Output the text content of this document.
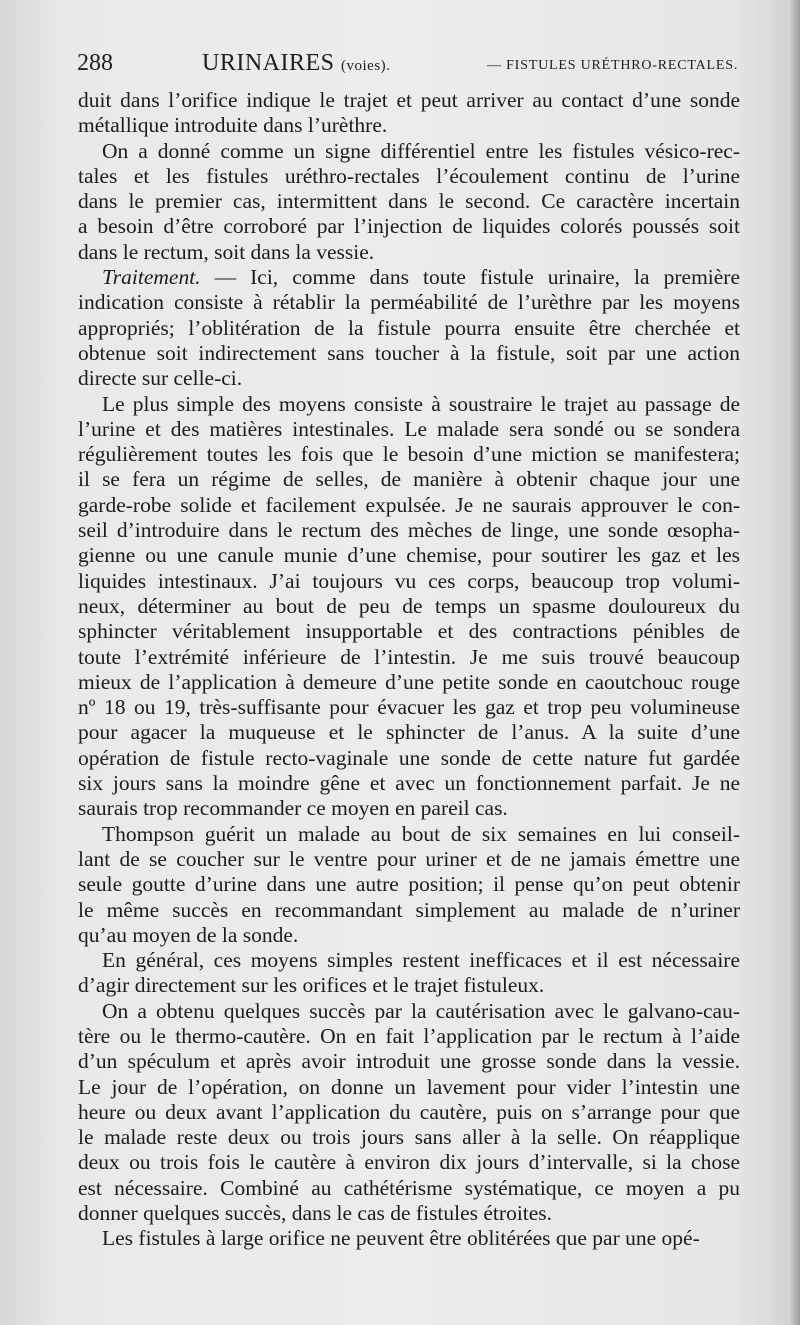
288	URINAIRES (voies).	— FISTULES URÉTHRO-RECTALES.
duit dans l’orifice indique le trajet et peut arriver au contact d’une sonde
métallique introduite dans l’urèthre.
On a donné comme un signe différentiel entre les fistules vésico-rec-
tales et les fistules uréthro-rectales l’écoulement continu de l’urine
dans le premier cas, intermittent dans le second. Ce caractère incertain
a besoin d’être corroboré par l’injection de liquides colorés poussés soit
dans le rectum, soit dans la vessie.
Traitement. — Ici, comme dans toute fistule urinaire, la première
indication consiste à rétablir la perméabilité de l’urèthre par les moyens
appropriés; l’oblitération de la fistule pourra ensuite être cherchée et
obtenue soit indirectement sans toucher à la fistule, soit par une action
directe sur celle-ci.
Le plus simple des moyens consiste à soustraire le trajet au passage de
l’urine et des matières intestinales. Le malade sera sondé ou se sondera
régulièrement toutes les fois que le besoin d’une miction se manifestera;
il se fera un régime de selles, de manière à obtenir chaque jour une
garde-robe solide et facilement expulsée. Je ne saurais approuver le con-
seil d’introduire dans le rectum des mèches de linge, une sonde œsopha-
gienne ou une canule munie d’une chemise, pour soutirer les gaz et les
liquides intestinaux. J’ai toujours vu ces corps, beaucoup trop volumi-
neux, déterminer au bout de peu de temps un spasme douloureux du
sphincter véritablement insupportable et des contractions pénibles de
toute l’extrémité inférieure de l’intestin. Je me suis trouvé beaucoup
mieux de l’application à demeure d’une petite sonde en caoutchouc rouge
nº 18 ou 19, très-suffisante pour évacuer les gaz et trop peu volumineuse
pour agacer la muqueuse et le sphincter de l’anus. A la suite d’une
opération de fistule recto-vaginale une sonde de cette nature fut gardée
six jours sans la moindre gêne et avec un fonctionnement parfait. Je ne
saurais trop recommander ce moyen en pareil cas.
Thompson guérit un malade au bout de six semaines en lui conseil-
lant de se coucher sur le ventre pour uriner et de ne jamais émettre une
seule goutte d’urine dans une autre position; il pense qu’on peut obtenir
le même succès en recommandant simplement au malade de n’uriner
qu’au moyen de la sonde.
En général, ces moyens simples restent inefficaces et il est nécessaire
d’agir directement sur les orifices et le trajet fistuleux.
On a obtenu quelques succès par la cautérisation avec le galvano-cau-
tère ou le thermo-cautère. On en fait l’application par le rectum à l’aide
d’un spéculum et après avoir introduit une grosse sonde dans la vessie.
Le jour de l’opération, on donne un lavement pour vider l’intestin une
heure ou deux avant l’application du cautère, puis on s’arrange pour que
le malade reste deux ou trois jours sans aller à la selle. On réapplique
deux ou trois fois le cautère à environ dix jours d’intervalle, si la chose
est nécessaire. Combiné au cathétérisme systématique, ce moyen a pu
donner quelques succès, dans le cas de fistules étroites.
Les fistules à large orifice ne peuvent être oblitérées que par une opé-
